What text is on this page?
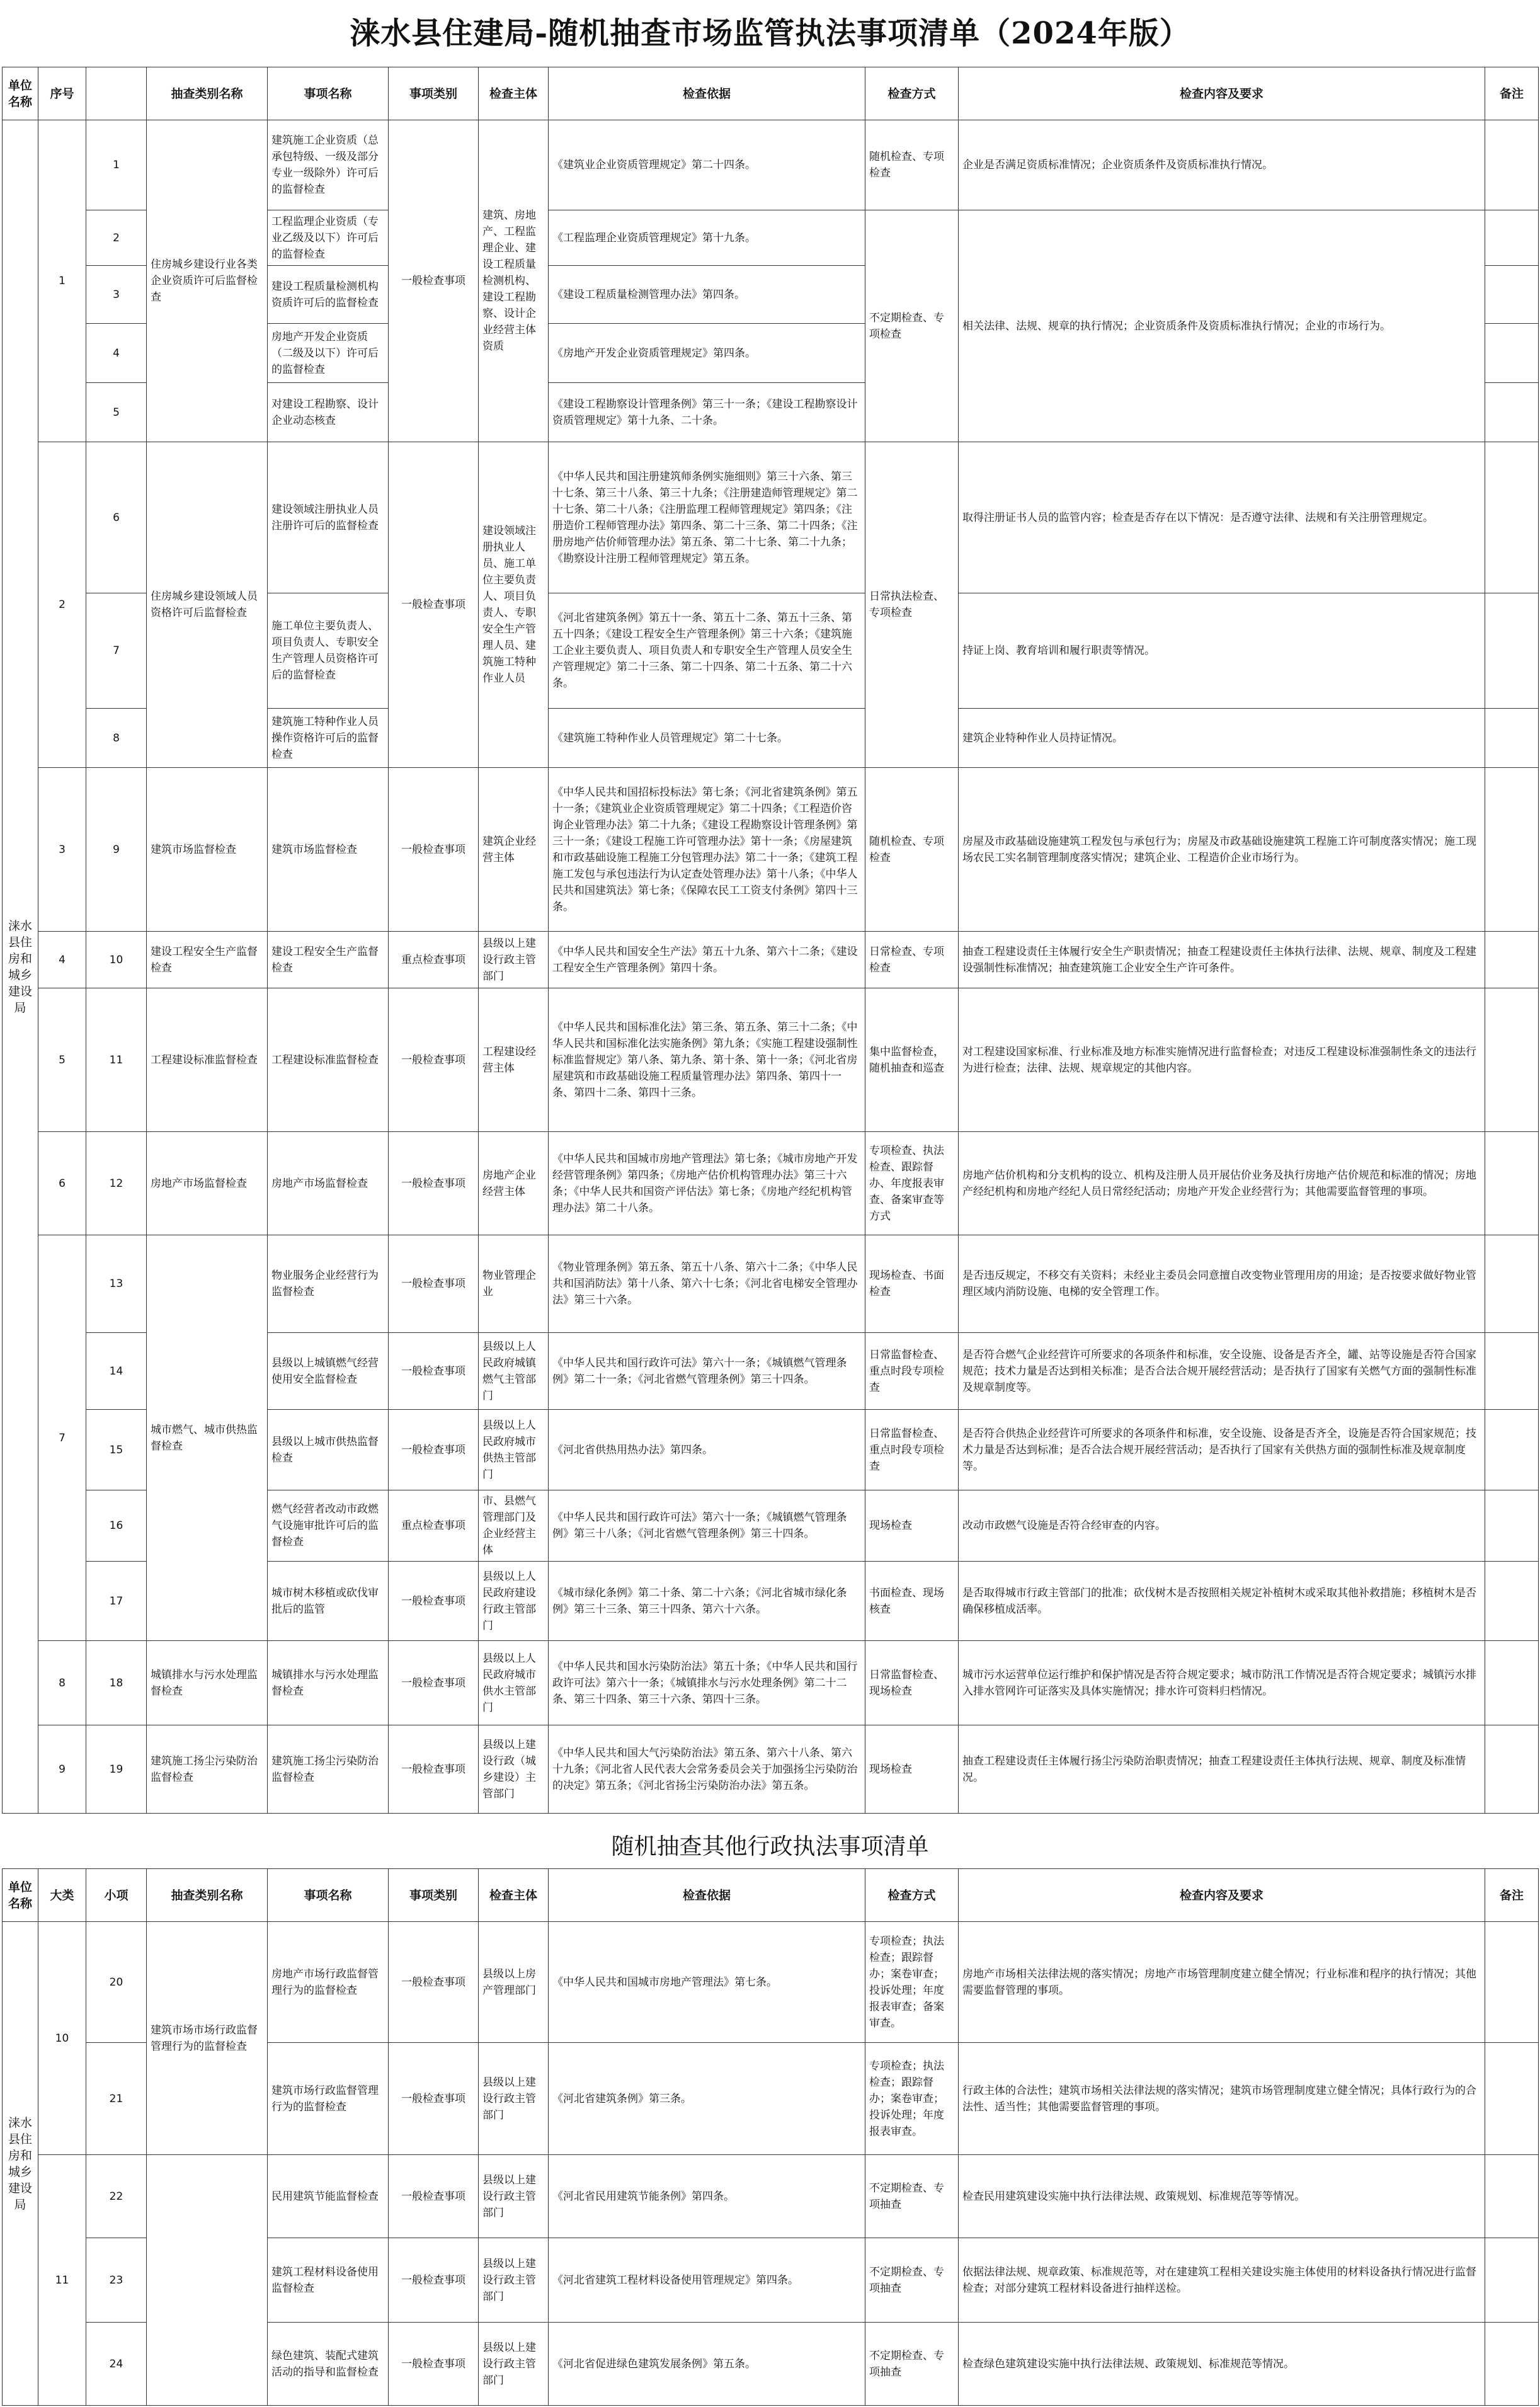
涞水县住建局-随机抽查市场监管执法事项清单（2024年版）
单位名称	序号		抽查类别名称	事项名称	事项类别	检查主体	检查依据	检查方式	检查内容及要求	备注
涞水县住房和城乡建设局	1	1	住房城乡建设行业各类企业资质许可后监督检查	建筑施工企业资质（总承包特级、一级及部分专业一级除外）许可后的监督检查	一般检查事项	建筑、房地产、工程监理企业、建设工程质量检测机构、建设工程勘察、设计企业经营主体资质	《建筑业企业资质管理规定》第二十四条。	随机检查、专项检查	企业是否满足资质标准情况；企业资质条件及资质标准执行情况。	
		2		工程监理企业资质（专业乙级及以下）许可后的监督检查			《工程监理企业资质管理规定》第十九条。	不定期检查、专项检查	相关法律、法规、规章的执行情况；企业资质条件及资质标准执行情况；企业的市场行为。	
		3		建设工程质量检测机构资质许可后的监督检查			《建设工程质量检测管理办法》第四条。			
		4		房地产开发企业资质（二级及以下）许可后的监督检查			《房地产开发企业资质管理规定》第四条。			
		5		对建设工程勘察、设计企业动态核查			《建设工程勘察设计管理条例》第三十一条；《建设工程勘察设计资质管理规定》第十九条、二十条。			
	2	6	住房城乡建设领域人员资格许可后监督检查	建设领域注册执业人员注册许可后的监督检查	一般检查事项	建设领域注册执业人员、施工单位主要负责人、项目负责人、专职安全生产管理人员、建筑施工特种作业人员	《中华人民共和国注册建筑师条例实施细则》第三十六条、第三十七条、第三十八条、第三十九条；《注册建造师管理规定》第二十七条、第二十八条；《注册监理工程师管理规定》第四条；《注册造价工程师管理办法》第四条、第二十三条、第二十四条；《注册房地产估价师管理办法》第五条、第二十七条、第二十九条；《勘察设计注册工程师管理规定》第五条。	日常执法检查、专项检查	取得注册证书人员的监管内容；检查是否存在以下情况：是否遵守法律、法规和有关注册管理规定。	
		7		施工单位主要负责人、项目负责人、专职安全生产管理人员资格许可后的监督检查			《河北省建筑条例》第五十一条、第五十二条、第五十三条、第五十四条；《建设工程安全生产管理条例》第三十六条；《建筑施工企业主要负责人、项目负责人和专职安全生产管理人员安全生产管理规定》第二十三条、第二十四条、第二十五条、第二十六条。		持证上岗、教育培训和履行职责等情况。	
		8		建筑施工特种作业人员操作资格许可后的监督检查			《建筑施工特种作业人员管理规定》第二十七条。		建筑企业特种作业人员持证情况。	
	3	9	建筑市场监督检查	建筑市场监督检查	一般检查事项	建筑企业经营主体	《中华人民共和国招标投标法》第七条；《河北省建筑条例》第五十一条；《建筑业企业资质管理规定》第二十四条；《工程造价咨询企业管理办法》第二十九条；《建设工程勘察设计管理条例》第三十一条；《建设工程施工许可管理办法》第十一条；《房屋建筑和市政基础设施工程施工分包管理办法》第二十一条；《建筑工程施工发包与承包违法行为认定查处管理办法》第十八条；《中华人民共和国建筑法》第七条；《保障农民工工资支付条例》第四十三条。	随机检查、专项检查	房屋及市政基础设施建筑工程发包与承包行为；房屋及市政基础设施建筑工程施工许可制度落实情况；施工现场农民工实名制管理制度落实情况；建筑企业、工程造价企业市场行为。	
	4	10	建设工程安全生产监督检查	建设工程安全生产监督检查	重点检查事项	县级以上建设行政主管部门	《中华人民共和国安全生产法》第五十九条、第六十二条；《建设工程安全生产管理条例》第四十条。	日常检查、专项检查	抽查工程建设责任主体履行安全生产职责情况；抽查工程建设责任主体执行法律、法规、规章、制度及工程建设强制性标准情况；抽查建筑施工企业安全生产许可条件。	
	5	11	工程建设标准监督检查	工程建设标准监督检查	一般检查事项	工程建设经营主体	《中华人民共和国标准化法》第三条、第五条、第三十二条；《中华人民共和国标准化法实施条例》第九条；《实施工程建设强制性标准监督规定》第八条、第九条、第十条、第十一条；《河北省房屋建筑和市政基础设施工程质量管理办法》第四条、第四十一条、第四十二条、第四十三条。	集中监督检查，随机抽查和巡查	对工程建设国家标准、行业标准及地方标准实施情况进行监督检查；对违反工程建设标准强制性条文的违法行为进行检查；法律、法规、规章规定的其他内容。	
	6	12	房地产市场监督检查	房地产市场监督检查	一般检查事项	房地产企业经营主体	《中华人民共和国城市房地产管理法》第七条；《城市房地产开发经营管理条例》第四条；《房地产估价机构管理办法》第三十六条；《中华人民共和国资产评估法》第七条；《房地产经纪机构管理办法》第二十八条。	专项检查、执法检查、跟踪督办、年度报表审查、备案审查等方式	房地产估价机构和分支机构的设立、机构及注册人员开展估价业务及执行房地产估价规范和标准的情况；房地产经纪机构和房地产经纪人员日常经纪活动；房地产开发企业经营行为；其他需要监督管理的事项。	
	7	13	城市燃气、城市供热监督检查	物业服务企业经营行为监督检查	一般检查事项	物业管理企业	《物业管理条例》第五条、第五十八条、第六十二条；《中华人民共和国消防法》第十八条、第六十七条；《河北省电梯安全管理办法》第三十六条。	现场检查、书面检查	是否违反规定，不移交有关资料；未经业主委员会同意擅自改变物业管理用房的用途；是否按要求做好物业管理区域内消防设施、电梯的安全管理工作。	
		14		县级以上城镇燃气经营使用安全监督检查	一般检查事项	县级以上人民政府城镇燃气主管部门	《中华人民共和国行政许可法》第六十一条；《城镇燃气管理条例》第二十一条；《河北省燃气管理条例》第三十四条。	日常监督检查、重点时段专项检查	是否符合燃气企业经营许可所要求的各项条件和标准，安全设施、设备是否齐全，罐、站等设施是否符合国家规范；技术力量是否达到相关标准；是否合法合规开展经营活动；是否执行了国家有关燃气方面的强制性标准及规章制度等。	
		15		县级以上城市供热监督检查	一般检查事项	县级以上人民政府城市供热主管部门	《河北省供热用热办法》第四条。	日常监督检查、重点时段专项检查	是否符合供热企业经营许可所要求的各项条件和标准，安全设施、设备是否齐全，设施是否符合国家规范；技术力量是否达到标准；是否合法合规开展经营活动；是否执行了国家有关供热方面的强制性标准及规章制度等。	
		16		燃气经营者改动市政燃气设施审批许可后的监督检查	重点检查事项	市、县燃气管理部门及企业经营主体	《中华人民共和国行政许可法》第六十一条；《城镇燃气管理条例》第三十八条；《河北省燃气管理条例》第三十四条。	现场检查	改动市政燃气设施是否符合经审查的内容。	
		17		城市树木移植或砍伐审批后的监管	一般检查事项	县级以上人民政府建设行政主管部门	《城市绿化条例》第二十条、第二十六条；《河北省城市绿化条例》第三十三条、第三十四条、第六十六条。	书面检查、现场核查	是否取得城市行政主管部门的批准；砍伐树木是否按照相关规定补植树木或采取其他补救措施；移植树木是否确保移植成活率。	
	8	18	城镇排水与污水处理监督检查	城镇排水与污水处理监督检查	一般检查事项	县级以上人民政府城市供水主管部门	《中华人民共和国水污染防治法》第五十条；《中华人民共和国行政许可法》第六十一条；《城镇排水与污水处理条例》第二十二条、第三十四条、第三十六条、第四十三条。	日常监督检查、现场检查	城市污水运营单位运行维护和保护情况是否符合规定要求；城市防汛工作情况是否符合规定要求；城镇污水排入排水管网许可证落实及具体实施情况；排水许可资料归档情况。	
	9	19	建筑施工扬尘污染防治监督检查	建筑施工扬尘污染防治监督检查	一般检查事项	县级以上建设行政（城乡建设）主管部门	《中华人民共和国大气污染防治法》第五条、第六十八条、第六十九条；《河北省人民代表大会常务委员会关于加强扬尘污染防治的决定》第五条；《河北省扬尘污染防治办法》第五条。	现场检查	抽查工程建设责任主体履行扬尘污染防治职责情况；抽查工程建设责任主体执行法规、规章、制度及标准情况。	
随机抽查其他行政执法事项清单
单位名称	大类	小项	抽查类别名称	事项名称	事项类别	检查主体	检查依据	检查方式	检查内容及要求	备注
涞水县住房和城乡建设局	10	20	建筑市场市场行政监督管理行为的监督检查	房地产市场行政监督管理行为的监督检查	一般检查事项	县级以上房产管理部门	《中华人民共和国城市房地产管理法》第七条。	专项检查；执法检查；跟踪督办；案卷审查；投诉处理；年度报表审查；备案审查。	房地产市场相关法律法规的落实情况；房地产市场管理制度建立健全情况；行业标准和程序的执行情况；其他需要监督管理的事项。	
		21		建筑市场行政监督管理行为的监督检查	一般检查事项	县级以上建设行政主管部门	《河北省建筑条例》第三条。	专项检查；执法检查；跟踪督办；案卷审查；投诉处理；年度报表审查。	行政主体的合法性；建筑市场相关法律法规的落实情况；建筑市场管理制度建立健全情况；具体行政行为的合法性、适当性；其他需要监督管理的事项。	
	11	22		民用建筑节能监督检查	一般检查事项	县级以上建设行政主管部门	《河北省民用建筑节能条例》第四条。	不定期检查、专项抽查	检查民用建筑建设实施中执行法律法规、政策规划、标准规范等等情况。	
		23		建筑工程材料设备使用监督检查	一般检查事项	县级以上建设行政主管部门	《河北省建筑工程材料设备使用管理规定》第四条。	不定期检查、专项抽查	依据法律法规、规章政策、标准规范等，对在建建筑工程相关建设实施主体使用的材料设备执行情况进行监督检查；对部分建筑工程材料设备进行抽样送检。	
		24		绿色建筑、装配式建筑活动的指导和监督检查	一般检查事项	县级以上建设行政主管部门	《河北省促进绿色建筑发展条例》第五条。	不定期检查、专项抽查	检查绿色建筑建设实施中执行法律法规、政策规划、标准规范等情况。	
